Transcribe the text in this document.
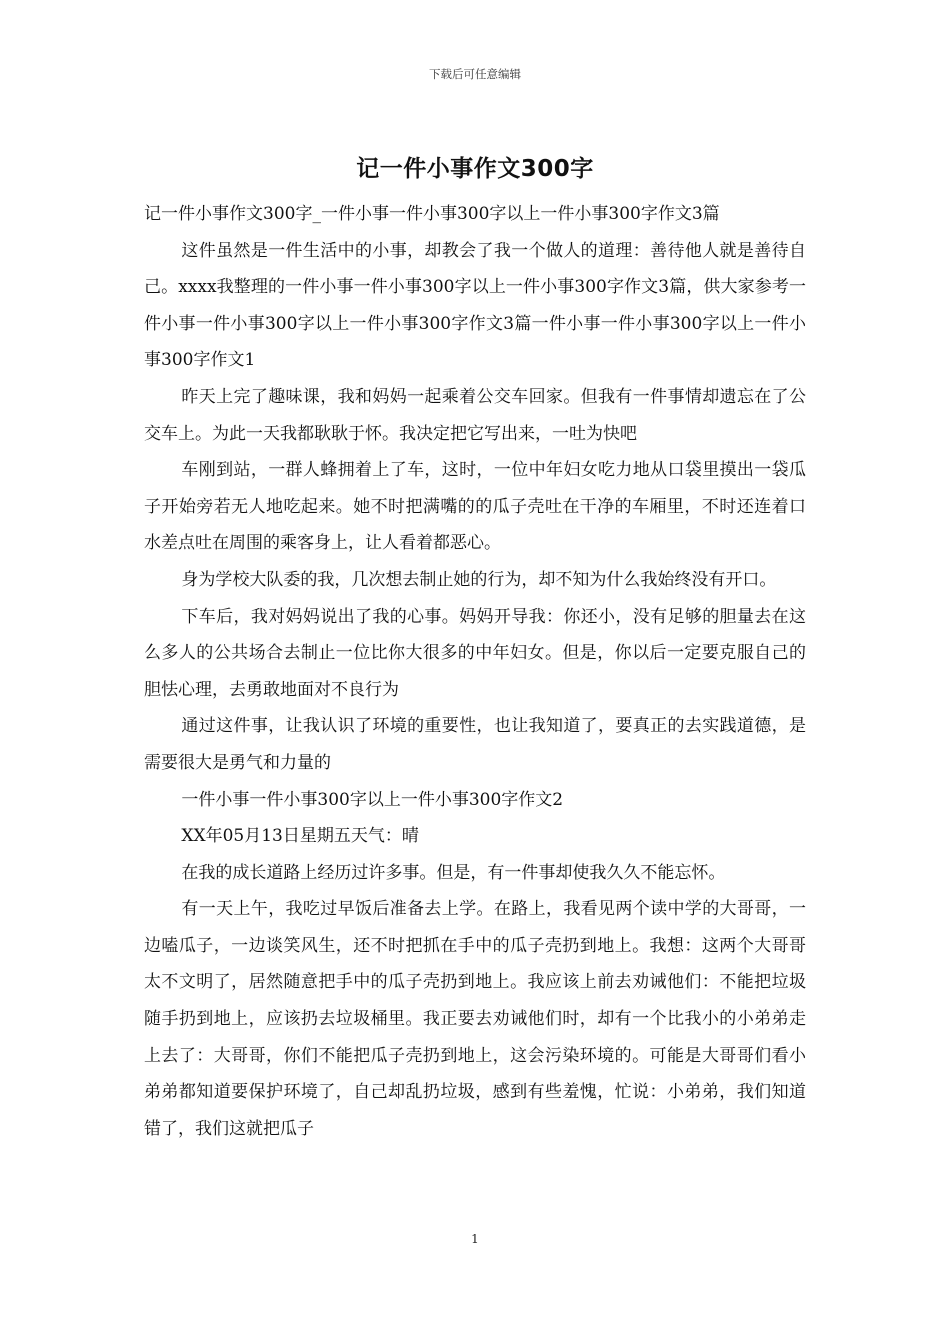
下载后可任意编辑
记一件小事作文300字

记一件小事作文300字_一件小事一件小事300字以上一件小事300字作文3篇

这件虽然是一件生活中的小事，却教会了我一个做人的道理：善待他人就是善待自己。xxxx我整理的一件小事一件小事300字以上一件小事300字作文3篇，供大家参考一件小事一件小事300字以上一件小事300字作文3篇一件小事一件小事300字以上一件小事300字作文1

昨天上完了趣味课，我和妈妈一起乘着公交车回家。但我有一件事情却遗忘在了公交车上。为此一天我都耿耿于怀。我决定把它写出来，一吐为快吧

车刚到站，一群人蜂拥着上了车，这时，一位中年妇女吃力地从口袋里摸出一袋瓜子开始旁若无人地吃起来。她不时把满嘴的的瓜子壳吐在干净的车厢里，不时还连着口水差点吐在周围的乘客身上，让人看着都恶心。

身为学校大队委的我，几次想去制止她的行为，却不知为什么我始终没有开口。

下车后，我对妈妈说出了我的心事。妈妈开导我：你还小，没有足够的胆量去在这么多人的公共场合去制止一位比你大很多的中年妇女。但是，你以后一定要克服自己的胆怯心理，去勇敢地面对不良行为

通过这件事，让我认识了环境的重要性，也让我知道了，要真正的去实践道德，是需要很大是勇气和力量的

一件小事一件小事300字以上一件小事300字作文2

XX年05月13日星期五天气：晴

在我的成长道路上经历过许多事。但是，有一件事却使我久久不能忘怀。

有一天上午，我吃过早饭后准备去上学。在路上，我看见两个读中学的大哥哥，一边嗑瓜子，一边谈笑风生，还不时把抓在手中的瓜子壳扔到地上。我想：这两个大哥哥太不文明了，居然随意把手中的瓜子壳扔到地上。我应该上前去劝诫他们：不能把垃圾随手扔到地上，应该扔去垃圾桶里。我正要去劝诫他们时，却有一个比我小的小弟弟走上去了：大哥哥，你们不能把瓜子壳扔到地上，这会污染环境的。可能是大哥哥们看小弟弟都知道要保护环境了，自己却乱扔垃圾，感到有些羞愧，忙说：小弟弟，我们知道错了，我们这就把瓜子

1
